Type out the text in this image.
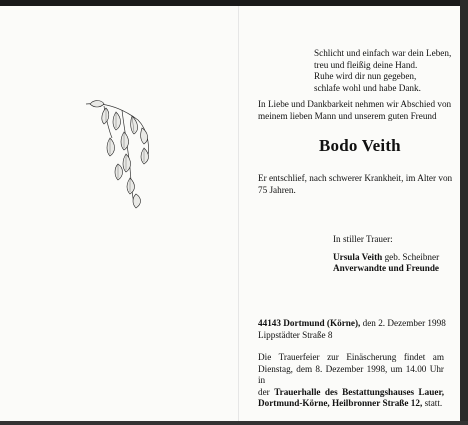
Schlicht und einfach war dein Leben,
treu und fleißig deine Hand.
Ruhe wird dir nun gegeben,
schlafe wohl und habe Dank.
In Liebe und Dankbarkeit nehmen wir Abschied von
meinem lieben Mann und unserem guten Freund
Bodo Veith
Er entschlief, nach schwerer Krankheit, im Alter von
75 Jahren.
In stiller Trauer:
Ursula Veith geb. Scheibner
Anverwandte und Freunde
44143 Dortmund (Körne), den 2. Dezember 1998
Lippstädter Straße 8
Die Trauerfeier zur Einäscherung findet am
Dienstag, dem 8. Dezember 1998, um 14.00 Uhr in
der Trauerhalle des Bestattungshauses Lauer,
Dortmund-Körne, Heilbronner Straße 12, statt.
